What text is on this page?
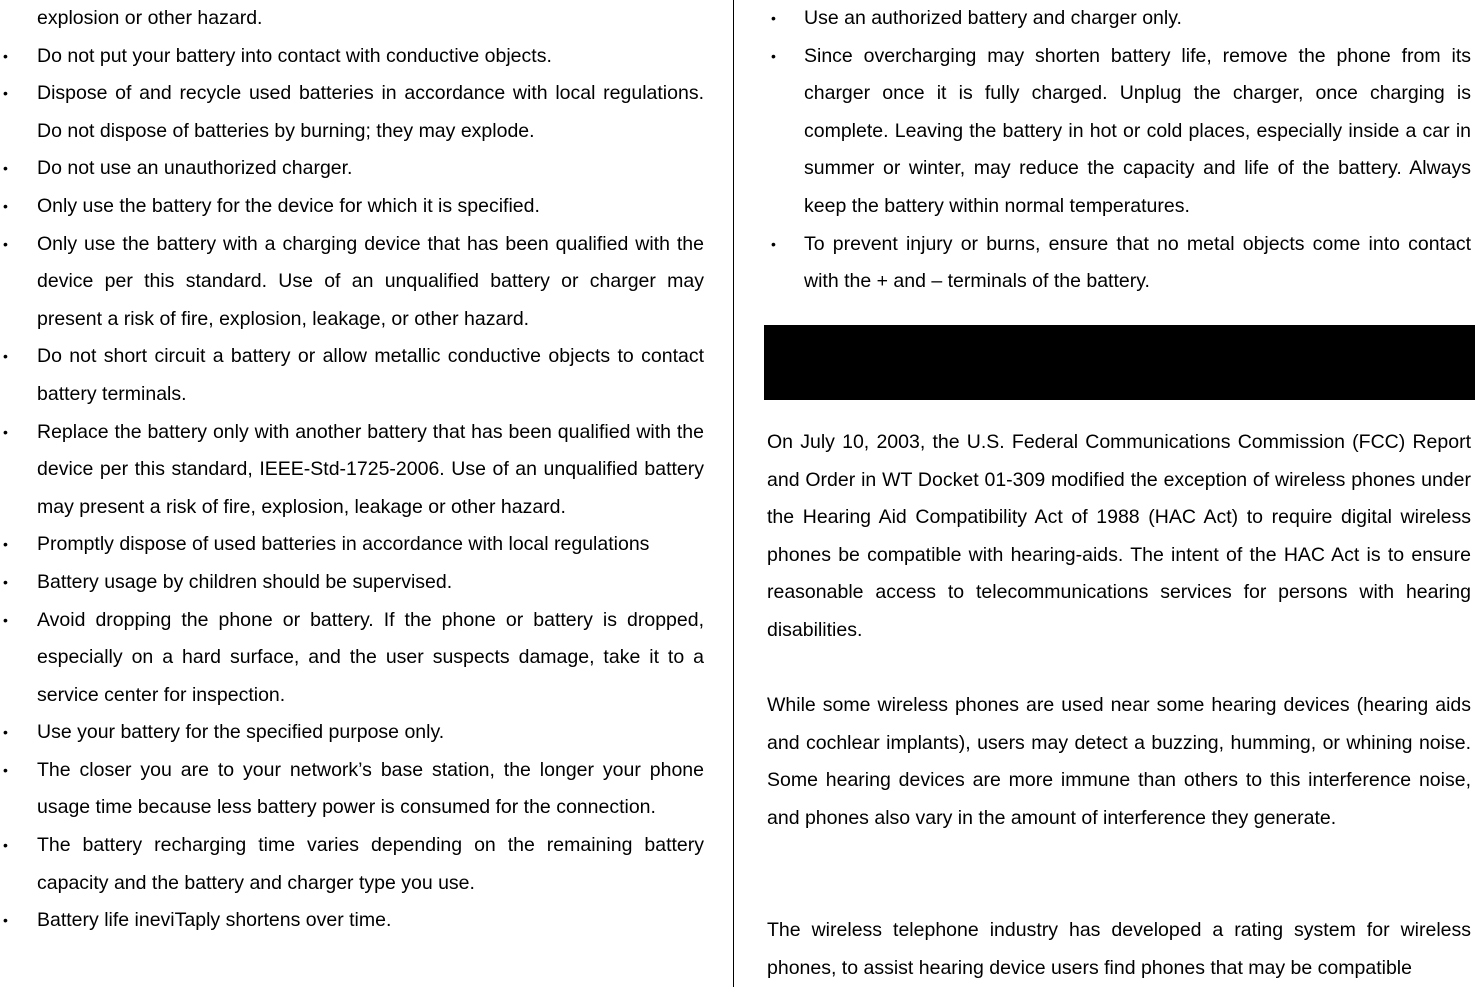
explosion or other hazard.

• Do not put your battery into contact with conductive objects.
• Dispose of and recycle used batteries in accordance with local regulations. Do not dispose of batteries by burning; they may explode.
• Do not use an unauthorized charger.
• Only use the battery for the device for which it is specified.
• Only use the battery with a charging device that has been qualified with the device per this standard. Use of an unqualified battery or charger may present a risk of fire, explosion, leakage, or other hazard.
• Do not short circuit a battery or allow metallic conductive objects to contact battery terminals.
• Replace the battery only with another battery that has been qualified with the device per this standard, IEEE-Std-1725-2006. Use of an unqualified battery may present a risk of fire, explosion, leakage or other hazard.
• Promptly dispose of used batteries in accordance with local regulations
• Battery usage by children should be supervised.
• Avoid dropping the phone or battery. If the phone or battery is dropped, especially on a hard surface, and the user suspects damage, take it to a service center for inspection.
• Use your battery for the specified purpose only.
• The closer you are to your network’s base station, the longer your phone usage time because less battery power is consumed for the connection.
• The battery recharging time varies depending on the remaining battery capacity and the battery and charger type you use.
• Battery life ineviTaply shortens over time.
• Use an authorized battery and charger only.
• Since overcharging may shorten battery life, remove the phone from its charger once it is fully charged. Unplug the charger, once charging is complete. Leaving the battery in hot or cold places, especially inside a car in summer or winter, may reduce the capacity and life of the battery. Always keep the battery within normal temperatures.
• To prevent injury or burns, ensure that no metal objects come into contact with the + and – terminals of the battery.

On July 10, 2003, the U.S. Federal Communications Commission (FCC) Report and Order in WT Docket 01-309 modified the exception of wireless phones under the Hearing Aid Compatibility Act of 1988 (HAC Act) to require digital wireless phones be compatible with hearing-aids. The intent of the HAC Act is to ensure reasonable access to telecommunications services for persons with hearing disabilities.

While some wireless phones are used near some hearing devices (hearing aids and cochlear implants), users may detect a buzzing, humming, or whining noise. Some hearing devices are more immune than others to this interference noise, and phones also vary in the amount of interference they generate.

The wireless telephone industry has developed a rating system for wireless phones, to assist hearing device users find phones that may be compatible
